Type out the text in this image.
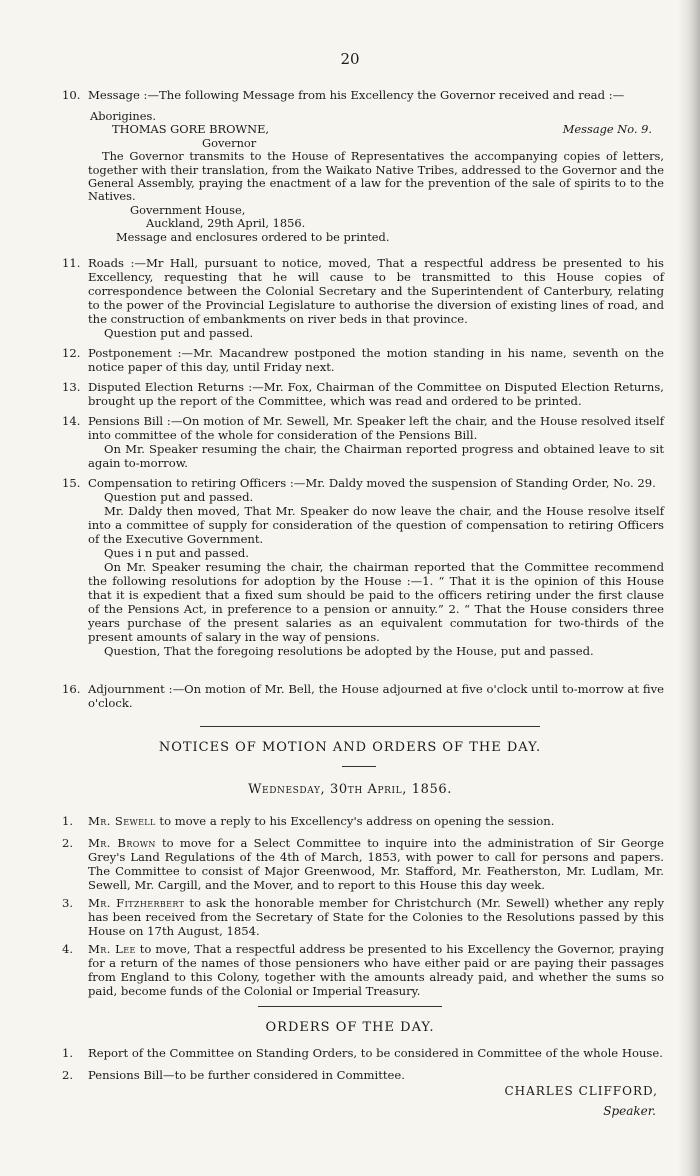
20
10. Message :—The following Message from his Excellency the Governor received and read :—
Aborigines.
THOMAS GORE BROWNE,	Message No. 9.
Governor
The Governor transmits to the House of Representatives the accompanying copies of letters, together with their translation, from the Waikato Native Tribes, addressed to the Governor and the General Assembly, praying the enactment of a law for the prevention of the sale of spirits to to the Natives.
Government House,
Auckland, 29th April, 1856.
Message and enclosures ordered to be printed.
11. Roads :—Mr Hall, pursuant to notice, moved, That a respectful address be presented to his Excellency, requesting that he will cause to be transmitted to this House copies of correspondence between the Colonial Secretary and the Superintendent of Canterbury, relating to the power of the Provincial Legislature to authorise the diversion of existing lines of road, and the construction of embankments on river beds in that province.
Question put and passed.
12. Postponement :—Mr. Macandrew postponed the motion standing in his name, seventh on the notice paper of this day, until Friday next.
13. Disputed Election Returns :—Mr. Fox, Chairman of the Committee on Disputed Election Returns, brought up the report of the Committee, which was read and ordered to be printed.
14. Pensions Bill :—On motion of Mr. Sewell, Mr. Speaker left the chair, and the House resolved itself into committee of the whole for consideration of the Pensions Bill.
On Mr. Speaker resuming the chair, the Chairman reported progress and obtained leave to sit again to-morrow.
15. Compensation to retiring Officers :—Mr. Daldy moved the suspension of Standing Order, No. 29.
Question put and passed.
Mr. Daldy then moved, That Mr. Speaker do now leave the chair, and the House resolve itself into a committee of supply for consideration of the question of compensation to retiring Officers of the Executive Government.
Ques i n put and passed.
On Mr. Speaker resuming the chair, the chairman reported that the Committee recommend the following resolutions for adoption by the House :—1. “ That it is the opinion of this House that it is expedient that a fixed sum should be paid to the officers retiring under the first clause of the Pensions Act, in preference to a pension or annuity.” 2. “ That the House considers three years purchase of the present salaries as an equivalent commutation for two-thirds of the present amounts of salary in the way of pensions.
Question, That the foregoing resolutions be adopted by the House, put and passed.
16. Adjournment :—On motion of Mr. Bell, the House adjourned at five o'clock until to-morrow at five o'clock.
NOTICES OF MOTION AND ORDERS OF THE DAY.
Wednesday, 30th April, 1856.
1.	Mr. Sewell to move a reply to his Excellency's address on opening the session.
2.	Mr. Brown to move for a Select Committee to inquire into the administration of Sir George Grey's Land Regulations of the 4th of March, 1853, with power to call for persons and papers. The Committee to consist of Major Greenwood, Mr. Stafford, Mr. Featherston, Mr. Ludlam, Mr. Sewell, Mr. Cargill, and the Mover, and to report to this House this day week.
3.	Mr. Fitzherbert to ask the honorable member for Christchurch (Mr. Sewell) whether any reply has been received from the Secretary of State for the Colonies to the Resolutions passed by this House on 17th August, 1854.
4.	Mr. Lee to move, That a respectful address be presented to his Excellency the Governor, praying for a return of the names of those pensioners who have either paid or are paying their passages from England to this Colony, together with the amounts already paid, and whether the sums so paid, become funds of the Colonial or Imperial Treasury.
ORDERS OF THE DAY.
1.	Report of the Committee on Standing Orders, to be considered in Committee of the whole House.
2.	Pensions Bill—to be further considered in Committee.
CHARLES CLIFFORD,
Speaker.
